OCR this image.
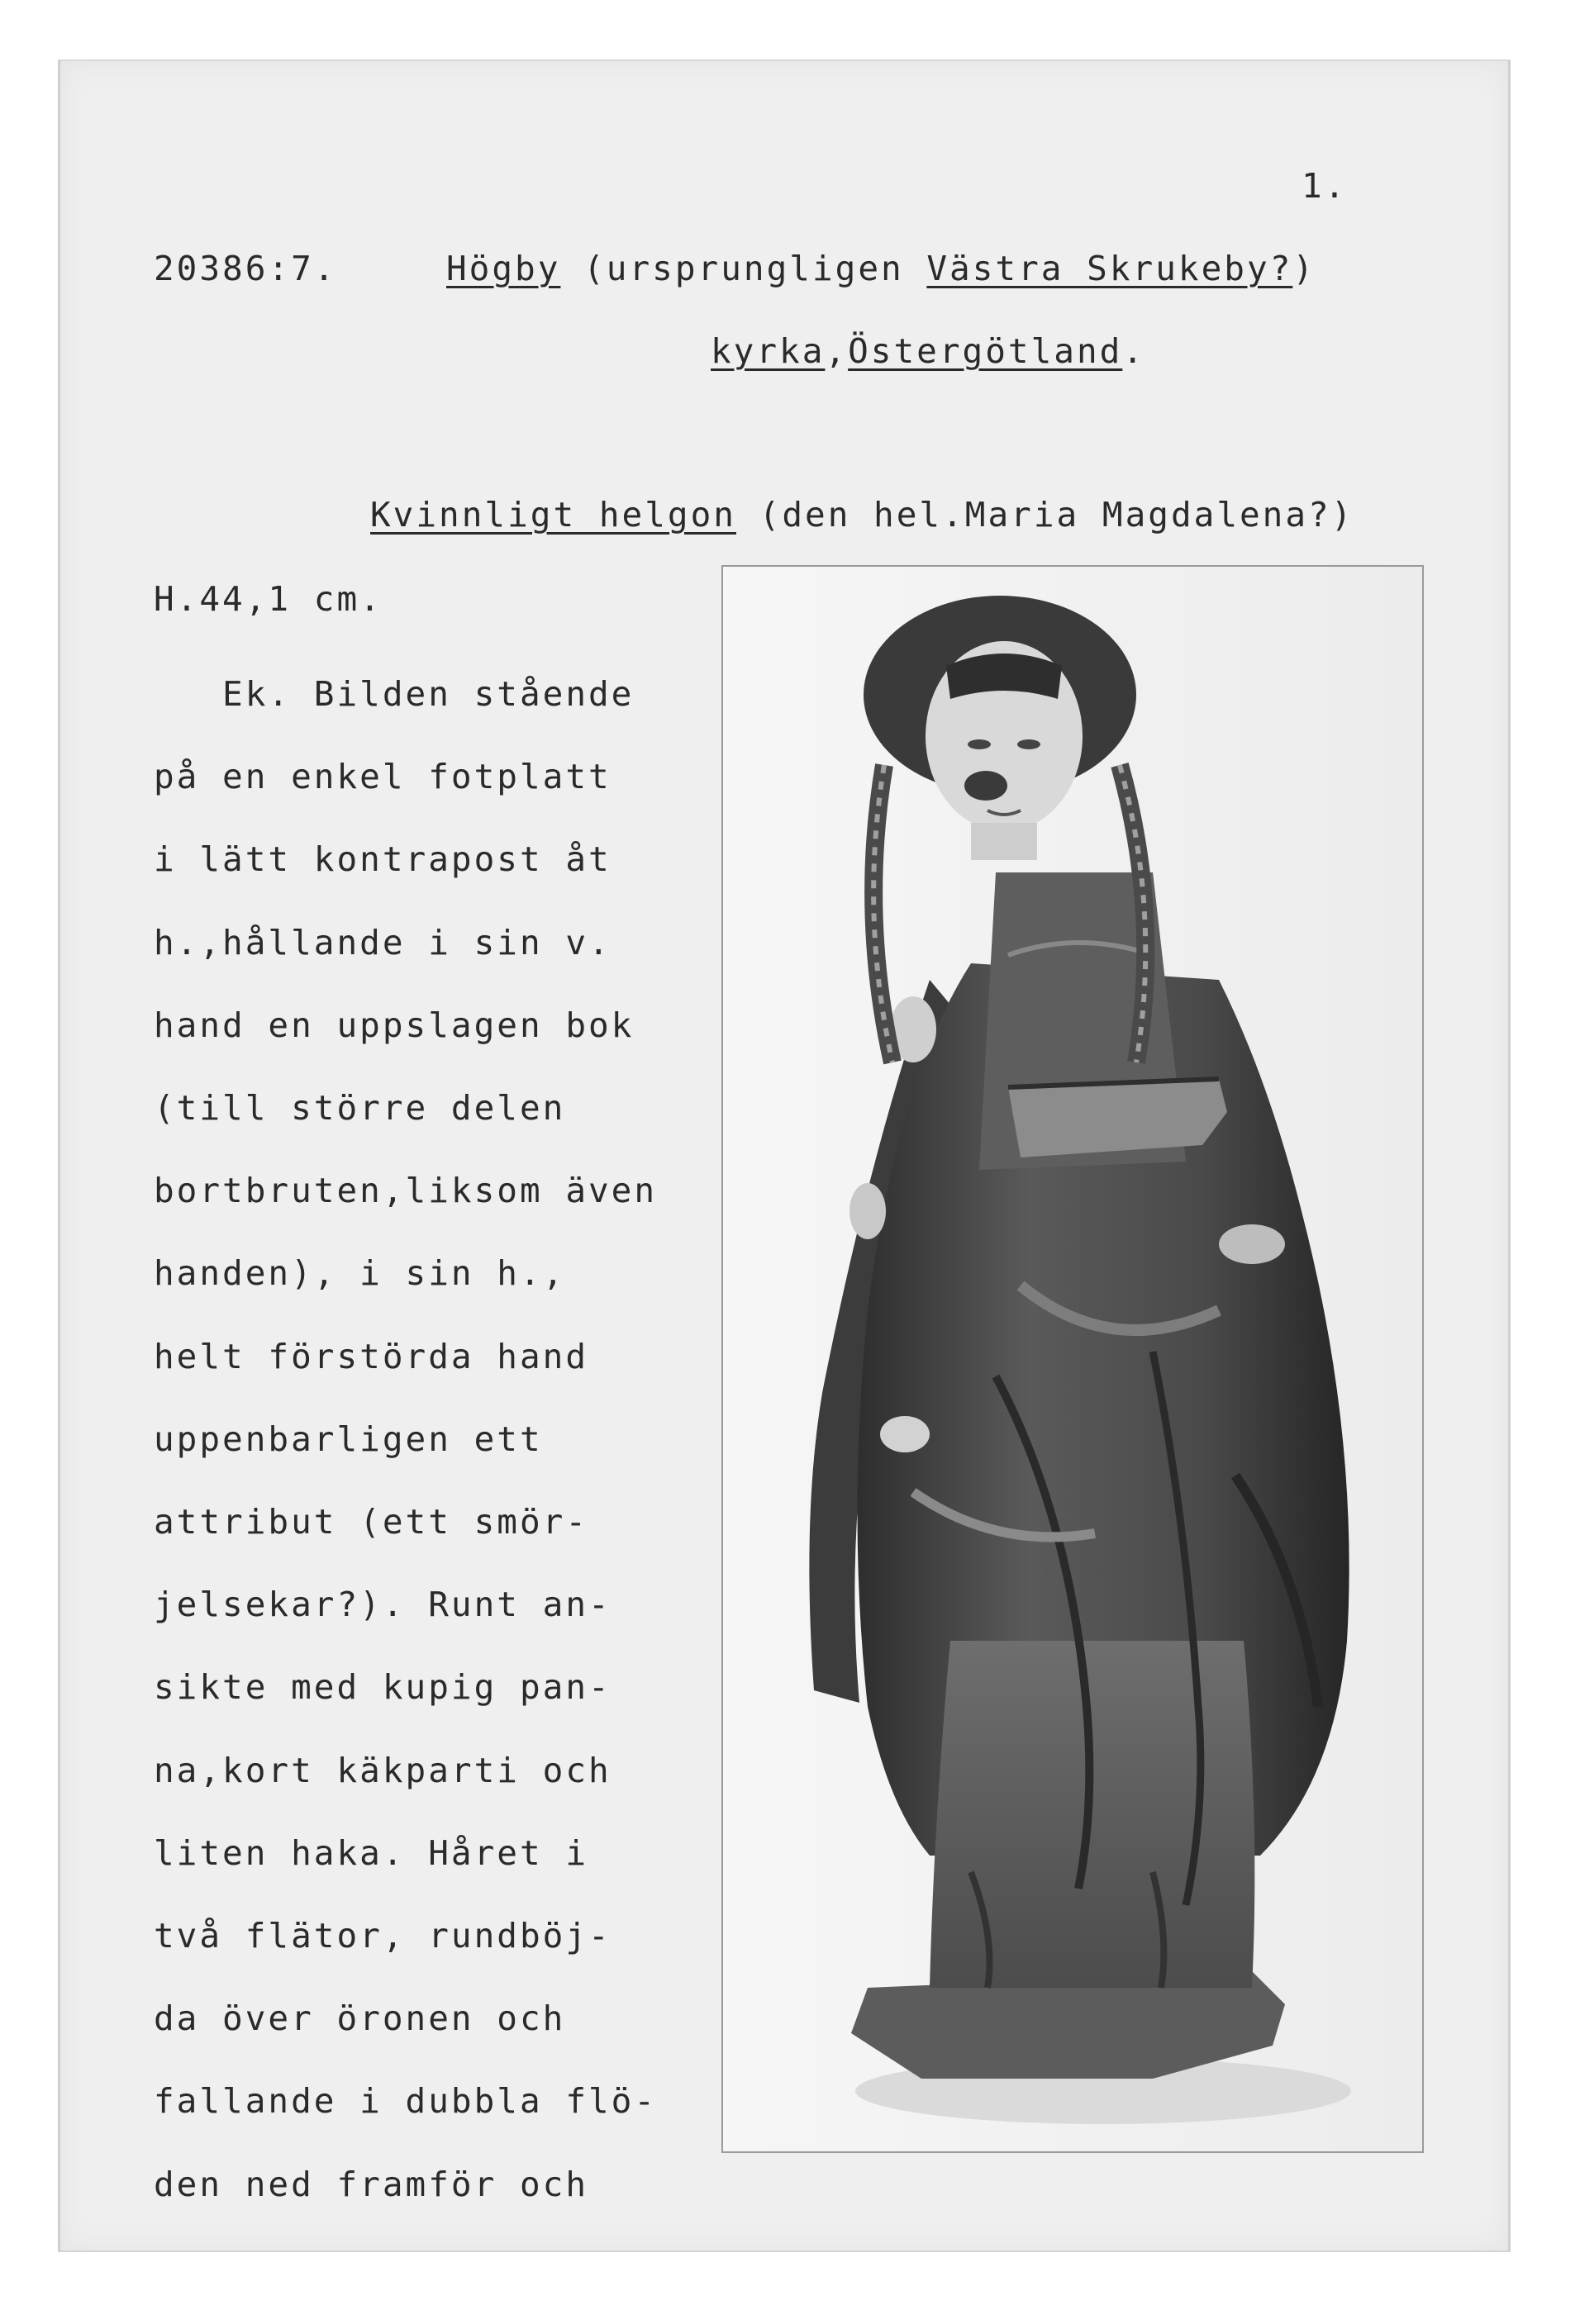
1.
20386:7.	Högby (ursprungligen Västra Skrukeby?)
kyrka,Östergötland.
Kvinnligt helgon (den hel.Maria Magdalena?)
H.44,1 cm.
Ek. Bilden stående
på en enkel fotplatt
i lätt kontrapost åt
h.,hållande i sin v.
hand en uppslagen bok
(till större delen
bortbruten,liksom även
handen), i sin h.,
helt förstörda hand
uppenbarligen ett
attribut (ett smör-
jelsekar?). Runt an-
sikte med kupig pan-
na,kort käkparti och
liten haka. Håret i
två flätor, rundböj-
da över öronen och
fallande i dubbla flö-
den ned framför och
